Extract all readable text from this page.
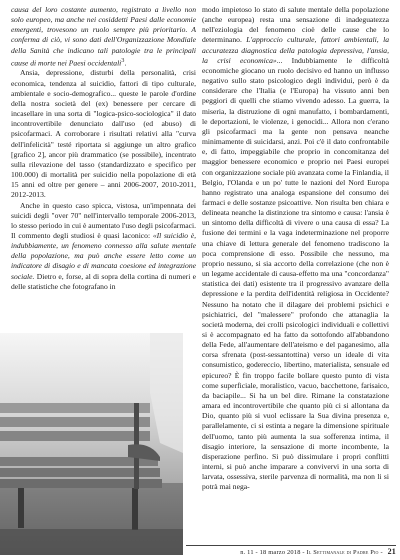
causa del loro costante aumento, registrato a livello non solo europeo, ma anche nei cosiddetti Paesi dalle economie emergenti, trovesono un ruolo sempre più prioritario. A conferma di ciò, vi sono dati dell'Organizzazione Mondiale della Sanità che indicano tali patologie tra le principali cause di morte nei Paesi occidentali$^3$.

Ansia, depressione, disturbi della personalità, crisi economica, tendenza al suicidio, fattori di tipo culturale, ambientale e socio-demografico... queste le parole d'ordine della nostra società del (ex) benessere per cercare di incasellare in una sorta di "logica-psico-sociologica" il dato incontrovertibile denunciato dall'uso (ed abuso) di psicofarmaci. A corroborare i risultati relativi alla "curva dell'infelicità" testé riportata si aggiunge un altro grafico [grafico 2], ancor più drammatico (se possibile), incentrato sulla rilevazione del tasso (standardizzato e specifico per 100.000) di mortalità per suicidio nella popolazione di età 15 anni ed oltre per genere – anni 2006-2007, 2010-2011, 2012-2013.

Anche in questo caso spicca, vistosa, un'impennata dei suicidi degli "over 70" nell'intervallo temporale 2006-2013, lo stesso periodo in cui è aumentato l'uso degli psicofarmaci. Il commento degli studiosi è quasi laconico: «Il suicidio è, indubbiamente, un fenomeno connesso alla salute mentale della popolazione, ma può anche essere letto come un indicatore di disagio e di mancata coesione ed integrazione sociale. Dietro e, forse, al di sopra della cortina di numeri e delle statistiche che fotografano in

modo impietoso lo stato di salute mentale della popolazione (anche europea) resta una sensazione di inadeguatezza nell'eziologia del fenomeno cioè delle cause che lo determinano. L'approccio culturale, fattori ambientali, la accuratezza diagnostica della patologia depressiva, l'ansia, la crisi economica»... Indubbiamente le difficoltà economiche giocano un ruolo decisivo ed hanno un influsso negativo sullo stato psicologico degli individui, però è da considerare che l'Italia (e l'Europa) ha vissuto anni ben peggiori di quelli che stiamo vivendo adesso. La guerra, la miseria, la distruzione di ogni manufatto, i bombardamenti, le deportazioni, le violenze, i genocidi... Allora non c'erano gli psicofarmaci ma la gente non pensava neanche minimamente di suicidarsi, anzi. Poi c'è il dato confrontabile e, di fatto, impeggiabile che proprio in concomitanza del maggior benessere economico e proprio nei Paesi europei con organizzazione sociale più avanzata come la Finlandia, il Belgio, l'Olanda e un po' tutte le nazioni del Nord Europa hanno registrato una analoga espansione del consumo dei farmaci e delle sostanze psicoattive. Non risulta ben chiara e delineata neanche la distinzione tra sintomo e causa: l'ansia è un sintomo della difficoltà di vivere o una causa di essa? La fusione dei termini e la vaga indeterminazione nel proporre una chiave di lettura generale del fenomeno tradiscono la poca comprensione di esso. Possibile che nessuno, ma proprio nessuno, si sia accorto della correlazione (che non è un legame accidentale di causa-effetto ma una "concordanza" statistica dei dati) esistente tra il progressivo avanzare della depressione e la perdita dell'identità religiosa in Occidente? Nessuno ha notato che il dilagare dei problemi psichici e psichiatrici, del "malessere" profondo che attanaglia la società moderna, dei crolli psicologici individuali e collettivi si è accompagnato ed ha fatto da sottofondo all'abbandono della Fede, all'aumentare dell'ateismo e del paganesimo, alla corsa sfrenata (post-sessantottina) verso un ideale di vita consumistico, godereccio, libertino, materialista, sensuale ed epicureo? È fin troppo facile bollare questo punto di vista come superficiale, moralistico, vacuo, bacchettone, farisaico, da baciapile... Si ha un bel dire. Rimane la constatazione amara ed incontrovertibile che quanto più ci si allontana da Dio, quanto più si vuol eclissare la Sua divina presenza e, parallelamente, ci si estinta a negare la dimensione spirituale dell'uomo, tanto più aumenta la sua sofferenza intima, il disagio interiore, la sensazione di morte incombente, la disperazione perfino. Si può dissimulare i propri conflitti interni, si può anche imparare a convivervi in una sorta di larvata, ossessiva, sterile parvenza di normalità, ma non li si potrà mai nega-

n. 11 - 18 marzo 2018 - Il Settimanale di Padre Pio - 21
